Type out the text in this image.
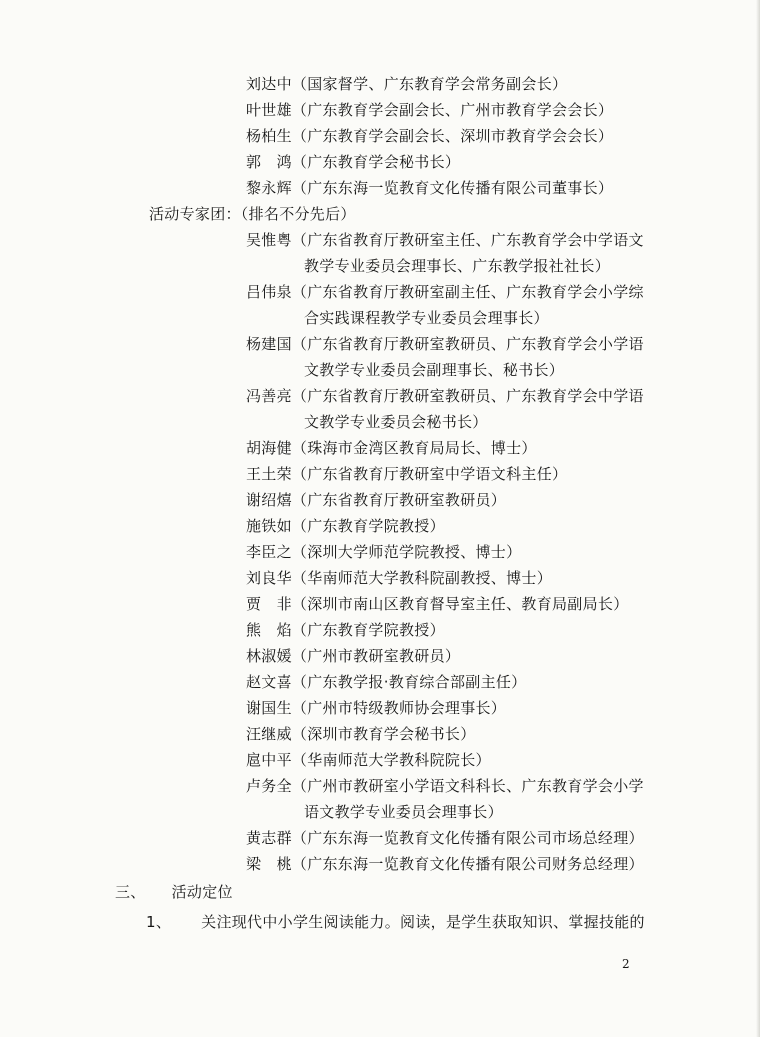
刘达中（国家督学、广东教育学会常务副会长）
叶世雄（广东教育学会副会长、广州市教育学会会长）
杨柏生（广东教育学会副会长、深圳市教育学会会长）
郭　鸿（广东教育学会秘书长）
黎永辉（广东东海一览教育文化传播有限公司董事长）
活动专家团：（排名不分先后）
吴惟粤（广东省教育厅教研室主任、广东教育学会中学语文
教学专业委员会理事长、广东教学报社社长）
吕伟泉（广东省教育厅教研室副主任、广东教育学会小学综
合实践课程教学专业委员会理事长）
杨建国（广东省教育厅教研室教研员、广东教育学会小学语
文教学专业委员会副理事长、秘书长）
冯善亮（广东省教育厅教研室教研员、广东教育学会中学语
文教学专业委员会秘书长）
胡海健（珠海市金湾区教育局局长、博士）
王土荣（广东省教育厅教研室中学语文科主任）
谢绍熺（广东省教育厅教研室教研员）
施铁如（广东教育学院教授）
李臣之（深圳大学师范学院教授、博士）
刘良华（华南师范大学教科院副教授、博士）
贾　非（深圳市南山区教育督导室主任、教育局副局长）
熊　焰（广东教育学院教授）
林淑媛（广州市教研室教研员）
赵文喜（广东教学报·教育综合部副主任）
谢国生（广州市特级教师协会理事长）
汪继威（深圳市教育学会秘书长）
扈中平（华南师范大学教科院院长）
卢务全（广州市教研室小学语文科科长、广东教育学会小学
语文教学专业委员会理事长）
黄志群（广东东海一览教育文化传播有限公司市场总经理）
梁　桃（广东东海一览教育文化传播有限公司财务总经理）
三、 活动定位
1、 关注现代中小学生阅读能力。阅读，是学生获取知识、掌握技能的
2
